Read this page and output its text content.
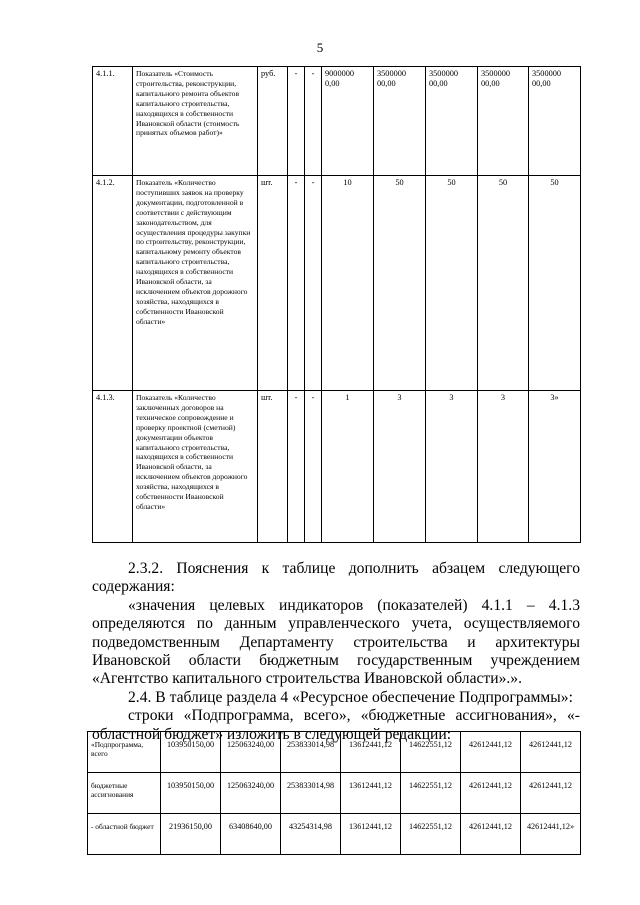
5
4.1.1.	Показатель «Стоимость строительства, реконструкции, капитального ремонта объектов капитального строительства, находящихся в собственности Ивановской области (стоимость принятых объемов работ)»	руб.	-	-	9000000 0,00	3500000 00,00	3500000 00,00	3500000 00,00	3500000 00,00
4.1.2.	Показатель «Количество поступивших заявок на проверку документации, подготовленной в соответствии с действующим законодательством, для осуществления процедуры закупки по строительству, реконструкции, капитальному ремонту объектов капитального строительства, находящихся в собственности Ивановской области, за исключением объектов дорожного хозяйства, находящихся в собственности Ивановской области»	шт.	-	-	10	50	50	50	50
4.1.3.	Показатель «Количество заключенных договоров на техническое сопровождение и проверку проектной (сметной) документации объектов капитального строительства, находящихся в собственности Ивановской области, за исключением объектов дорожного хозяйства, находящихся в собственности Ивановской области»	шт.	-	-	1	3	3	3	3»

2.3.2. Пояснения к таблице дополнить абзацем следующего содержания:

«значения целевых индикаторов (показателей) 4.1.1 – 4.1.3 определяются по данным управленческого учета, осуществляемого подведомственным Департаменту строительства и архитектуры Ивановской области бюджетным государственным учреждением «Агентство капитального строительства Ивановской области».».

2.4. В таблице раздела 4 «Ресурсное обеспечение Подпрограммы»:

строки «Подпрограмма, всего», «бюджетные ассигнования», «- областной бюджет» изложить в следующей редакции:

«Подпрограмма, всего	103950150,00	125063240,00	253833014,98	13612441,12	14622551,12	42612441,12	42612441,12
бюджетные ассигнования	103950150,00	125063240,00	253833014,98	13612441,12	14622551,12	42612441,12	42612441,12
- областной бюджет	21936150,00	63408640,00	43254314,98	13612441,12	14622551,12	42612441,12	42612441,12»
